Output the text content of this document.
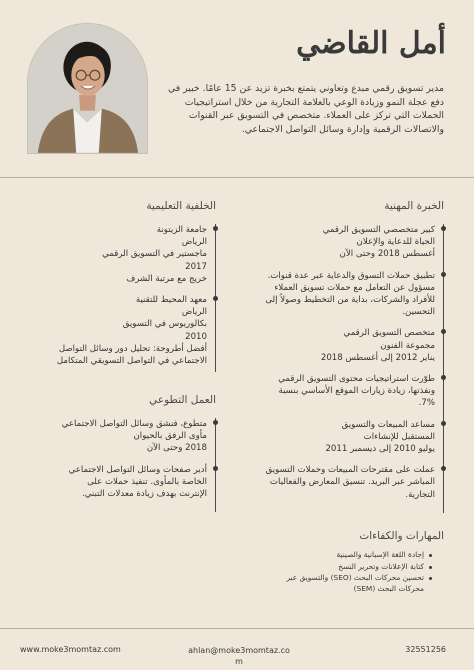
أمل القاضي

مدير تسويق رقمي مبدع وتعاوني يتمتع بخبرة تزيد عن 15 عامًا. خبير في دفع عجلة النمو وزيادة الوعي بالعلامة التجارية من خلال استراتيجيات الحملات التي تركز على العملاء. متخصص في التسويق عبر القنوات والاتصالات الرقمية وإدارة وسائل التواصل الاجتماعي.

الخبرة المهنية
كبير متخصصي التسويق الرقمي
الحياة للدعاية والإعلان
أغسطس 2018 وحتى الآن
تطبيق حملات التسوق والدعاية عبر عدة قنوات.
مسؤول عن التعامل مع حملات تسويق العملاء
للأفراد والشركات، بداية من التخطيط وصولاً إلى
التحسين.
متخصص التسويق الرقمي
مجموعة الفنون
يناير 2012 إلى أغسطس 2018
طوّرت استراتيجيات محتوى التسويق الرقمي
ونفذتها، زيادة زيارات الموقع الأساسي بنسبة
7%.
مساعد المبيعات والتسويق
المستقبل للإنشاءات
يوليو 2010 إلى ديسمبر 2011
عملت على مقترحات المبيعات وحملات التسويق
المباشر عبر البريد. تنسيق المعارض والفعاليات
التجارية.
الخلفية التعليمية
جامعة الزيتونة
الرياض
ماجستير في التسويق الرقمي
2017
خريج مع مرتبة الشرف
معهد المحيط للتقنية
الرياض
بكالوريوس في التسويق
2010
أفضل أطروحة: تحليل دور وسائل التواصل
الاجتماعي في التواصل التسويقي المتكامل
العمل التطوعي
متطوع، فنشق وسائل التواصل الاجتماعي
مأوى الرفق بالحيوان
2018 وحتى الآن
أدير صفحات وسائل التواصل الاجتماعي
الخاصة بالمأوى. تنفيذ حملات على
الإنترنت بهدف زيادة معدلات التبني.
المهارات والكفاءات
إجادة اللغة الإسبانية والصينية
كتابة الإعلانات وتحرير النسخ
تحسين محركات البحث (SEO) والتسويق عبر محركات البحث (SEM)
www.moke3momtaz.com	ahlan@moke3momtaz.co
m
32551256
